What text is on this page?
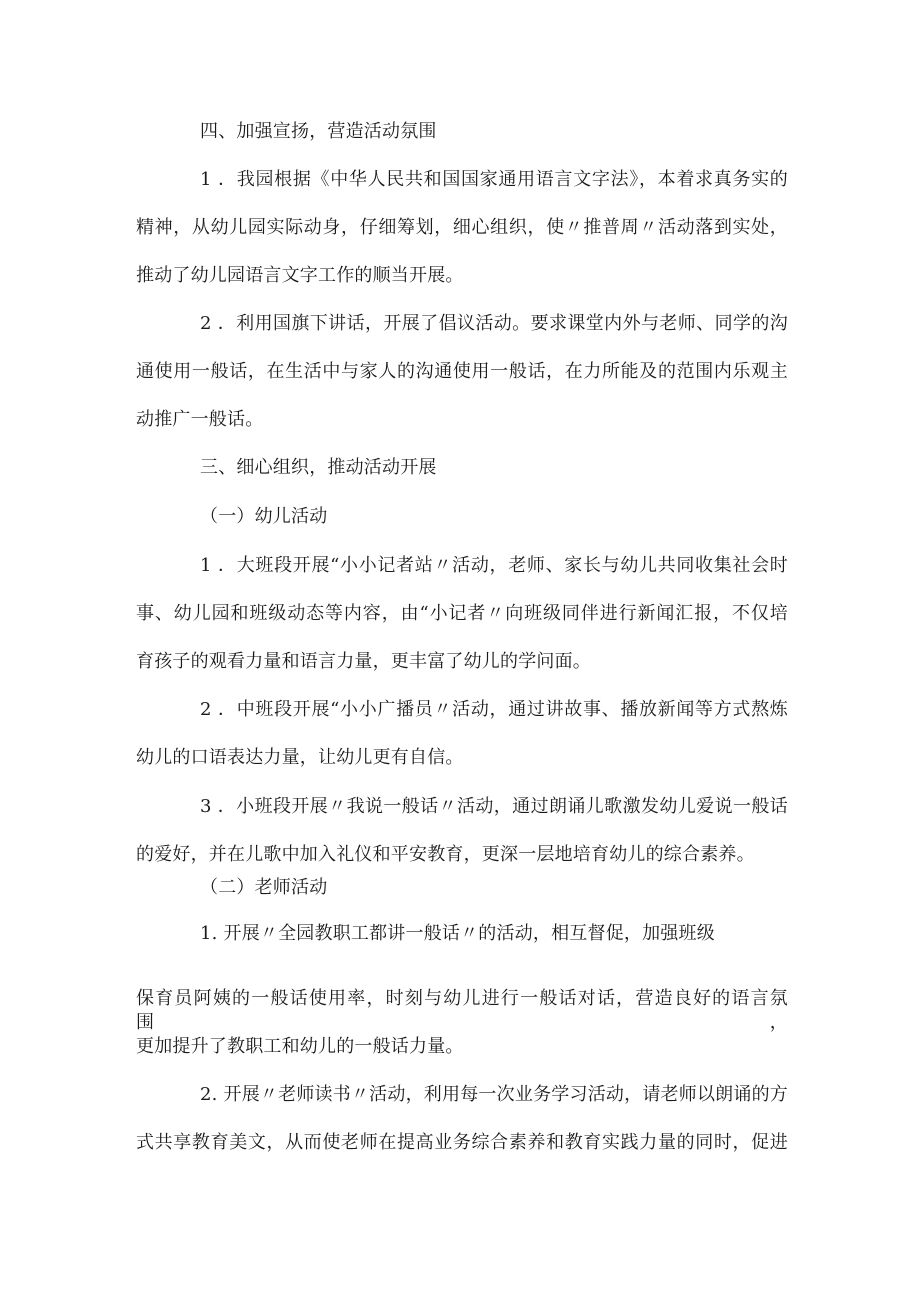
四、加强宣扬，营造活动氛围
1 ．我园根据《中华人民共和国国家通用语言文字法》，本着求真务实的
精神，从幼儿园实际动身，仔细筹划，细心组织，使〃推普周〃活动落到实处，
推动了幼儿园语言文字工作的顺当开展。
2 ．利用国旗下讲话，开展了倡议活动。要求课堂内外与老师、同学的沟
通使用一般话，在生活中与家人的沟通使用一般话，在力所能及的范围内乐观主
动推广一般话。
三、细心组织，推动活动开展
（一）幼儿活动
1 ．大班段开展“小小记者站〃活动，老师、家长与幼儿共同收集社会时
事、幼儿园和班级动态等内容，由“小记者〃向班级同伴进行新闻汇报，不仅培
育孩子的观看力量和语言力量，更丰富了幼儿的学问面。
2 ．中班段开展“小小广播员〃活动，通过讲故事、播放新闻等方式熬炼
幼儿的口语表达力量，让幼儿更有自信。
3 ．小班段开展〃我说一般话〃活动，通过朗诵儿歌激发幼儿爱说一般话
的爱好，并在儿歌中加入礼仪和平安教育，更深一层地培育幼儿的综合素养。
（二）老师活动
1. 开展〃全园教职工都讲一般话〃的活动，相互督促，加强班级
保育员阿姨的一般话使用率，时刻与幼儿进行一般话对话，营造良好的语言氛围，
更加提升了教职工和幼儿的一般话力量。
2. 开展〃老师读书〃活动，利用每一次业务学习活动，请老师以朗诵的方
式共享教育美文，从而使老师在提高业务综合素养和教育实践力量的同时，促进
